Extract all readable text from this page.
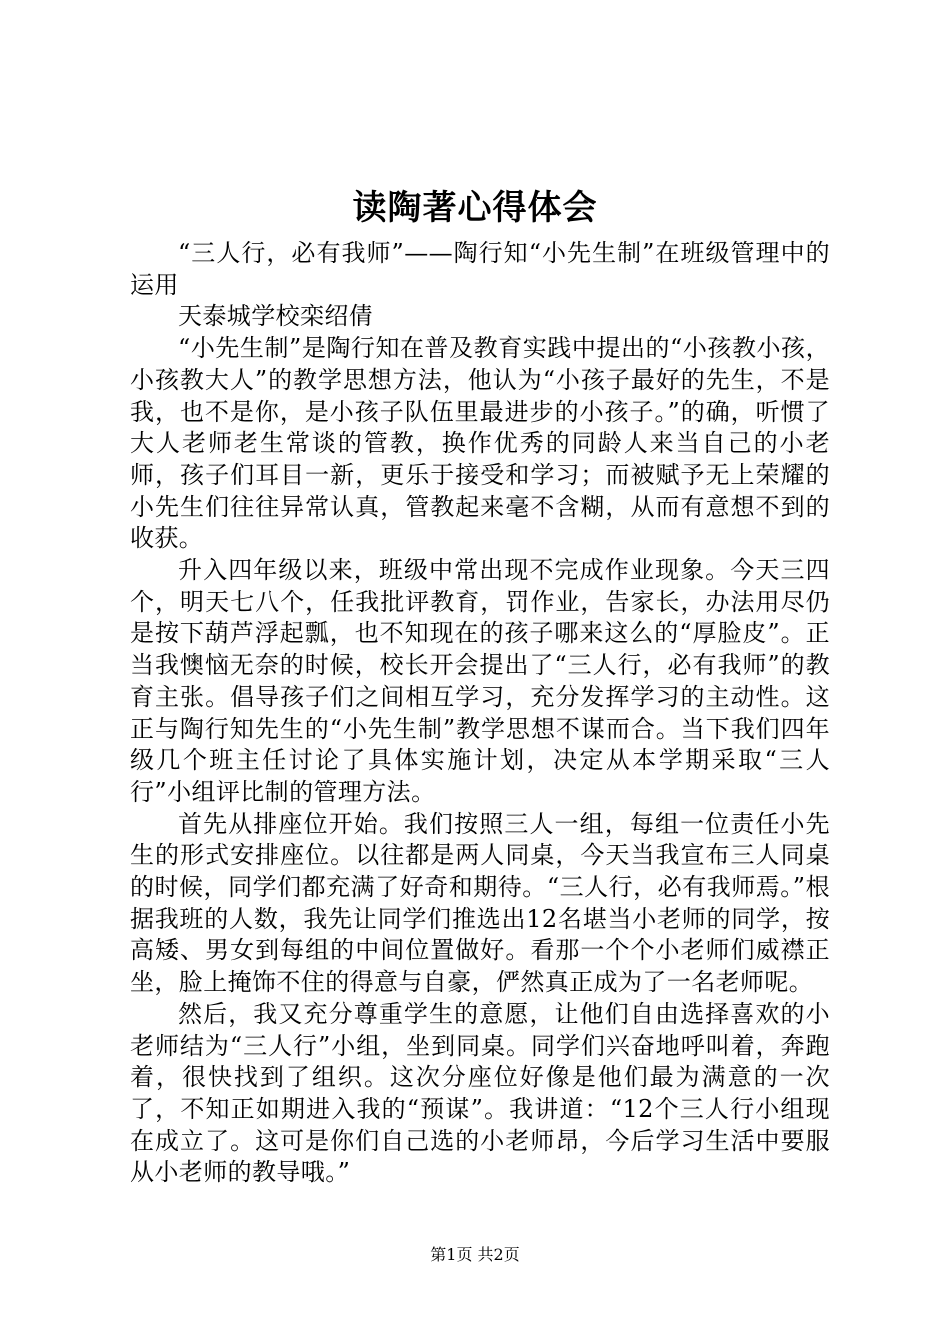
读陶著心得体会

“三人行，必有我师”——陶行知“小先生制”在班级管理中的运用

天泰城学校栾绍倩

“小先生制”是陶行知在普及教育实践中提出的“小孩教小孩，小孩教大人”的教学思想方法，他认为“小孩子最好的先生，不是我，也不是你，是小孩子队伍里最进步的小孩子。”的确，听惯了大人老师老生常谈的管教，换作优秀的同龄人来当自己的小老师，孩子们耳目一新，更乐于接受和学习；而被赋予无上荣耀的小先生们往往异常认真，管教起来毫不含糊，从而有意想不到的收获。

升入四年级以来，班级中常出现不完成作业现象。今天三四个，明天七八个，任我批评教育，罚作业，告家长，办法用尽仍是按下葫芦浮起瓢，也不知现在的孩子哪来这么的“厚脸皮”。正当我懊恼无奈的时候，校长开会提出了“三人行，必有我师”的教育主张。倡导孩子们之间相互学习，充分发挥学习的主动性。这正与陶行知先生的“小先生制”教学思想不谋而合。当下我们四年级几个班主任讨论了具体实施计划，决定从本学期采取“三人行”小组评比制的管理方法。

首先从排座位开始。我们按照三人一组，每组一位责任小先生的形式安排座位。以往都是两人同桌，今天当我宣布三人同桌的时候，同学们都充满了好奇和期待。“三人行，必有我师焉。”根据我班的人数，我先让同学们推选出12名堪当小老师的同学，按高矮、男女到每组的中间位置做好。看那一个个小老师们威襟正坐，脸上掩饰不住的得意与自豪，俨然真正成为了一名老师呢。

然后，我又充分尊重学生的意愿，让他们自由选择喜欢的小老师结为“三人行”小组，坐到同桌。同学们兴奋地呼叫着，奔跑着，很快找到了组织。这次分座位好像是他们最为满意的一次了，不知正如期进入我的“预谋”。我讲道：“12个三人行小组现在成立了。这可是你们自己选的小老师昂，今后学习生活中要服从小老师的教导哦。”

第1页 共2页
